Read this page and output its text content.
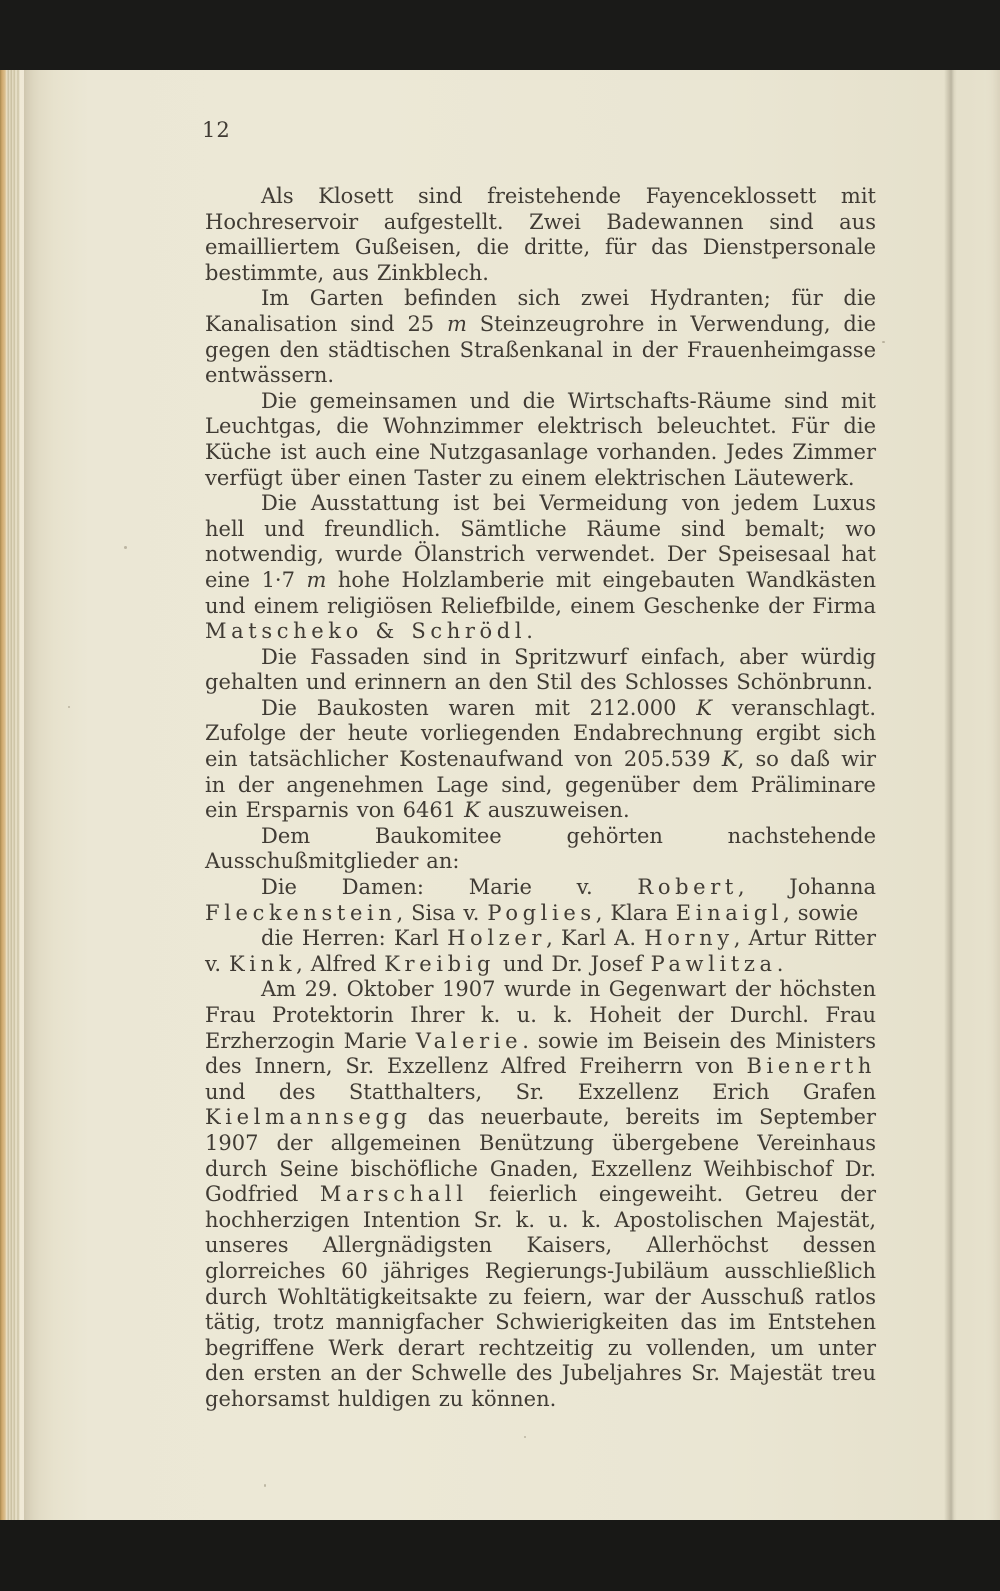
12

Als Klosett sind freistehende Fayenceklossett mit Hochreservoir aufgestellt. Zwei Badewannen sind aus emailliertem Gußeisen, die dritte, für das Dienstpersonale bestimmte, aus Zinkblech.

Im Garten befinden sich zwei Hydranten; für die Kanalisation sind 25 m Steinzeugrohre in Verwendung, die gegen den städtischen Straßenkanal in der Frauenheimgasse entwässern.

Die gemeinsamen und die Wirtschafts-Räume sind mit Leuchtgas, die Wohnzimmer elektrisch beleuchtet. Für die Küche ist auch eine Nutzgasanlage vorhanden. Jedes Zimmer verfügt über einen Taster zu einem elektrischen Läutewerk.

Die Ausstattung ist bei Vermeidung von jedem Luxus hell und freundlich. Sämtliche Räume sind bemalt; wo notwendig, wurde Ölanstrich verwendet. Der Speisesaal hat eine 1·7 m hohe Holzlamberie mit eingebauten Wandkästen und einem religiösen Reliefbilde, einem Geschenke der Firma Matscheko & Schrödl.

Die Fassaden sind in Spritzwurf einfach, aber würdig gehalten und erinnern an den Stil des Schlosses Schönbrunn.

Die Baukosten waren mit 212.000 K veranschlagt. Zufolge der heute vorliegenden Endabrechnung ergibt sich ein tatsächlicher Kostenaufwand von 205.539 K, so daß wir in der angenehmen Lage sind, gegenüber dem Präliminare ein Ersparnis von 6461 K auszuweisen.

Dem Baukomitee gehörten nachstehende Ausschußmitglieder an:

Die Damen: Marie v. Robert, Johanna Fleckenstein, Sisa v. Poglies, Klara Einaigl, sowie

die Herren: Karl Holzer, Karl A. Horny, Artur Ritter v. Kink, Alfred Kreibig und Dr. Josef Pawlitza.

Am 29. Oktober 1907 wurde in Gegenwart der höchsten Frau Protektorin Ihrer k. u. k. Hoheit der Durchl. Frau Erzherzogin Marie Valerie. sowie im Beisein des Ministers des Innern, Sr. Exzellenz Alfred Freiherrn von Bienerth und des Statthalters, Sr. Exzellenz Erich Grafen Kielmannsegg das neuerbaute, bereits im September 1907 der allgemeinen Benützung übergebene Vereinhaus durch Seine bischöfliche Gnaden, Exzellenz Weihbischof Dr. Godfried Marschall feierlich eingeweiht. Getreu der hochherzigen Intention Sr. k. u. k. Apostolischen Majestät, unseres Allergnädigsten Kaisers, Allerhöchst dessen glorreiches 60 jähriges Regierungs-Jubiläum ausschließlich durch Wohltätigkeitsakte zu feiern, war der Ausschuß ratlos tätig, trotz mannigfacher Schwierigkeiten das im Entstehen begriffene Werk derart rechtzeitig zu vollenden, um unter den ersten an der Schwelle des Jubeljahres Sr. Majestät treu gehorsamst huldigen zu können.
